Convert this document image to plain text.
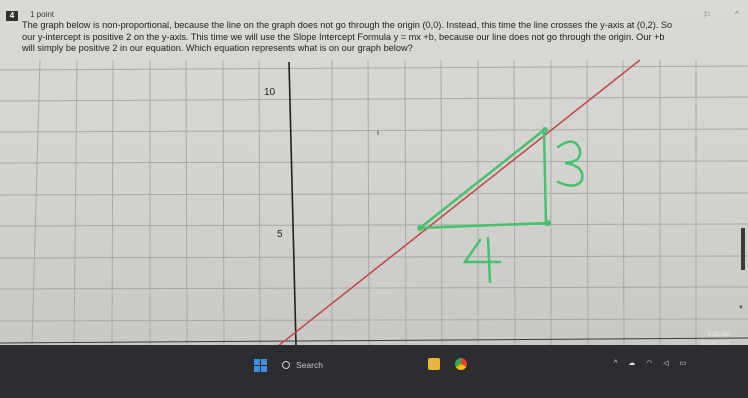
4	1 point	⚐	^
The graph below is non-proportional, because the line on the graph does not go through the origin (0,0). Instead, this time the line crosses the y-axis at (0,2). So
our y-intercept is positive 2 on the y-axis. This time we will use the Slope Intercept Formula y = mx +b, because our line does not go through the origin. Our +b
will simply be positive 2 in our equation. Which equation represents what is on our graph below?
10
5
▼
Search	^ ☁ ◠ ◁ ▭
8:39 AM
10/14/2024
